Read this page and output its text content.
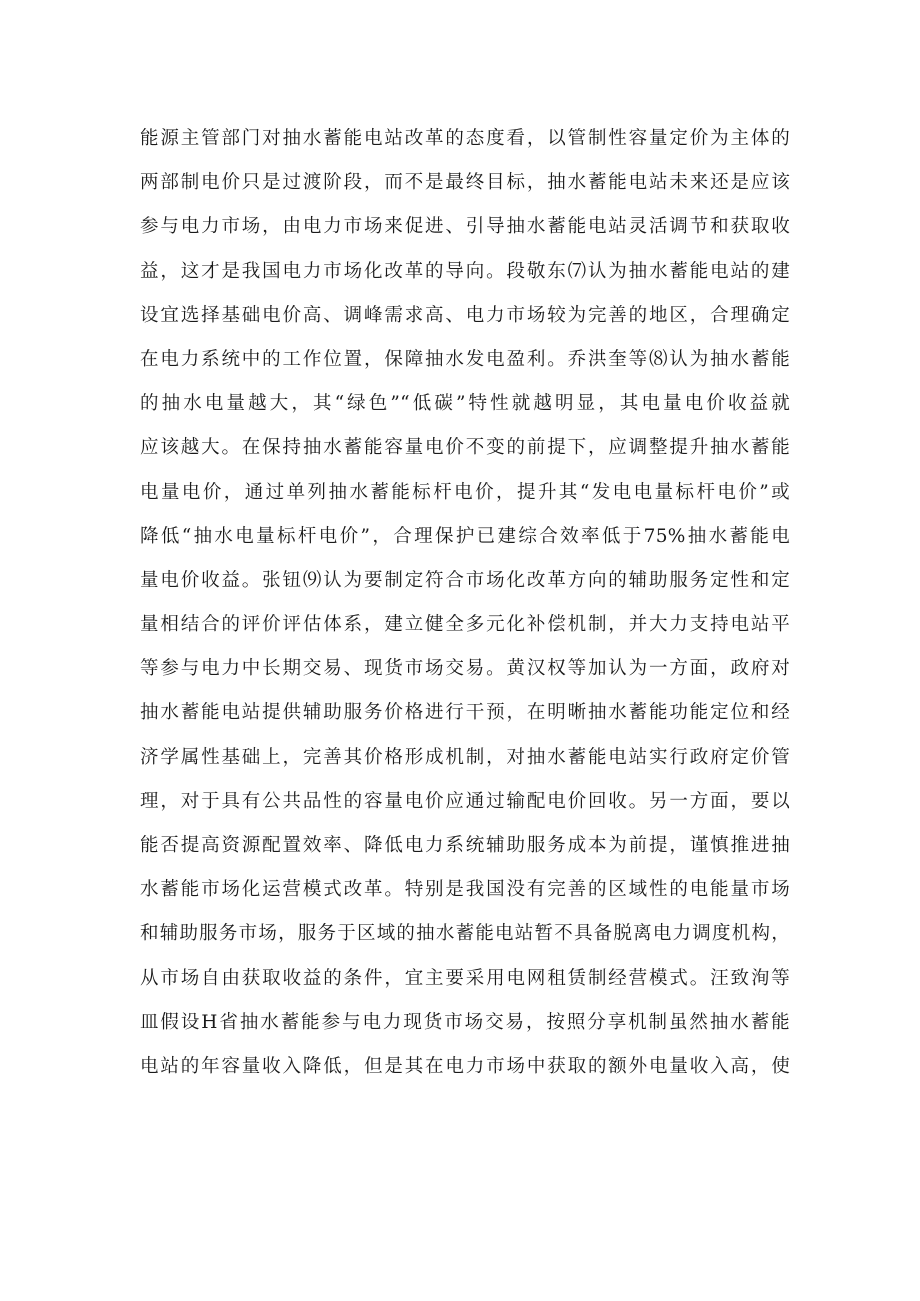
能源主管部门对抽水蓄能电站改革的态度看，以管制性容量定价为主体的
两部制电价只是过渡阶段，而不是最终目标，抽水蓄能电站未来还是应该
参与电力市场，由电力市场来促进、引导抽水蓄能电站灵活调节和获取收
益，这才是我国电力市场化改革的导向。段敬东⑺认为抽水蓄能电站的建
设宜选择基础电价高、调峰需求高、电力市场较为完善的地区，合理确定
在电力系统中的工作位置，保障抽水发电盈利。乔洪奎等⑻认为抽水蓄能
的抽水电量越大，其“绿色”“低碳”特性就越明显，其电量电价收益就
应该越大。在保持抽水蓄能容量电价不变的前提下，应调整提升抽水蓄能
电量电价，通过单列抽水蓄能标杆电价，提升其“发电电量标杆电价”或
降低“抽水电量标杆电价”，合理保护已建综合效率低于75%抽水蓄能电
量电价收益。张钮⑼认为要制定符合市场化改革方向的辅助服务定性和定
量相结合的评价评估体系，建立健全多元化补偿机制，并大力支持电站平
等参与电力中长期交易、现货市场交易。黄汉权等加认为一方面，政府对
抽水蓄能电站提供辅助服务价格进行干预，在明晰抽水蓄能功能定位和经
济学属性基础上，完善其价格形成机制，对抽水蓄能电站实行政府定价管
理，对于具有公共品性的容量电价应通过输配电价回收。另一方面，要以
能否提高资源配置效率、降低电力系统辅助服务成本为前提，谨慎推进抽
水蓄能市场化运营模式改革。特别是我国没有完善的区域性的电能量市场
和辅助服务市场，服务于区域的抽水蓄能电站暂不具备脱离电力调度机构，
从市场自由获取收益的条件，宜主要采用电网租赁制经营模式。汪致洵等
皿假设H省抽水蓄能参与电力现货市场交易，按照分享机制虽然抽水蓄能
电站的年容量收入降低，但是其在电力市场中获取的额外电量收入高，使
